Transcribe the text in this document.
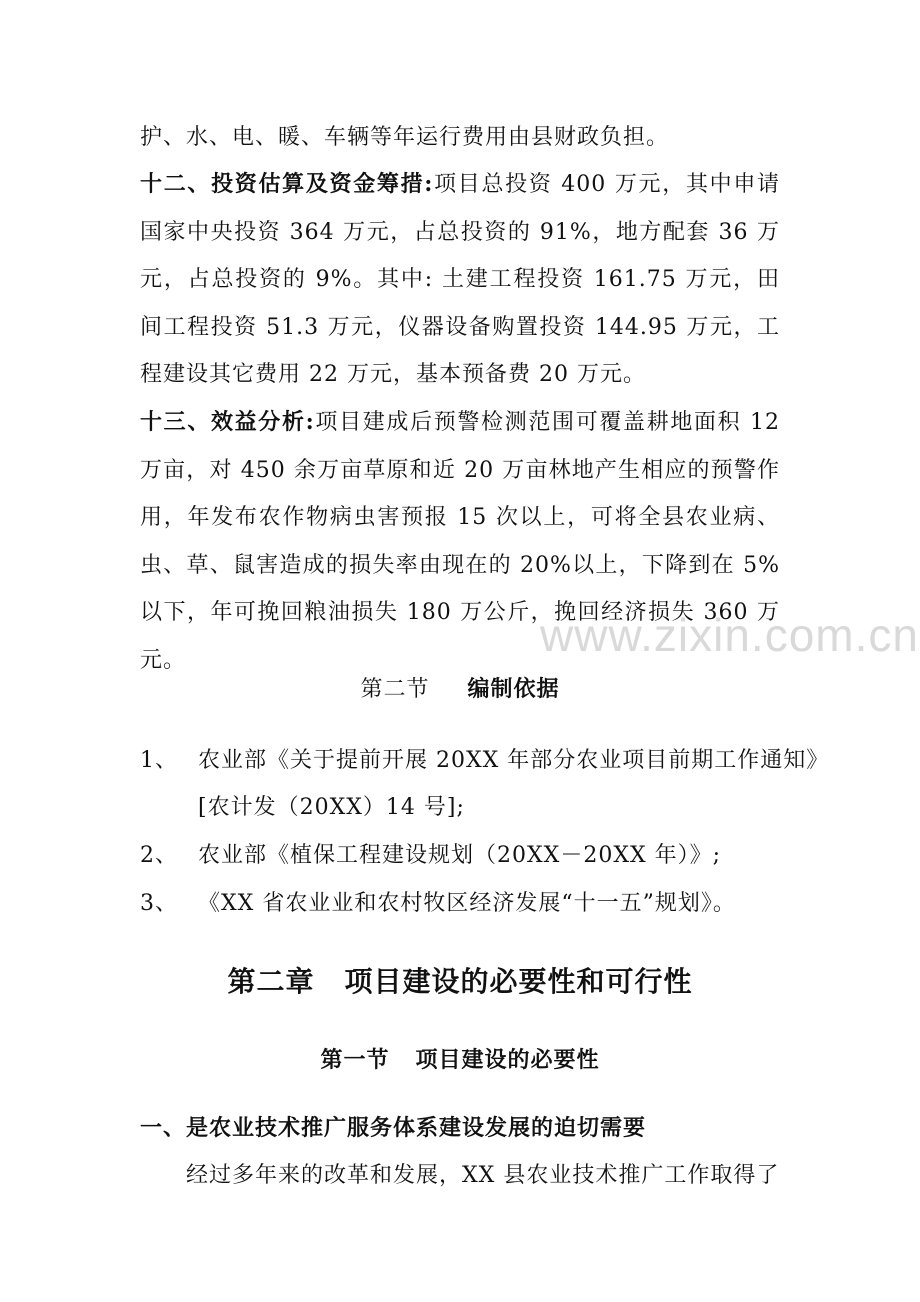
护、水、电、暖、车辆等年运行费用由县财政负担。
十二、投资估算及资金筹措:项目总投资 400 万元，其中申请国家中央投资 364 万元，占总投资的 91%，地方配套 36 万元，占总投资的 9%。其中: 土建工程投资 161.75 万元，田间工程投资 51.3 万元，仪器设备购置投资 144.95 万元，工程建设其它费用 22 万元，基本预备费 20 万元。
十三、效益分析:项目建成后预警检测范围可覆盖耕地面积 12 万亩，对 450 余万亩草原和近 20 万亩林地产生相应的预警作用，年发布农作物病虫害预报 15 次以上，可将全县农业病、虫、草、鼠害造成的损失率由现在的 20%以上，下降到在 5%以下，年可挽回粮油损失 180 万公斤，挽回经济损失 360 万元。	www.zixin.com.cn
第二节 编制依据
1、 农业部《关于提前开展 20XX 年部分农业项目前期工作通知》
[农计发（20XX）14 号];
2、 农业部《植保工程建设规划（20XX－20XX 年）》;
3、 《XX 省农业业和农村牧区经济发展“十一五”规划》。
第二章 项目建设的必要性和可行性
第一节 项目建设的必要性
一、是农业技术推广服务体系建设发展的迫切需要
经过多年来的改革和发展，XX 县农业技术推广工作取得了
